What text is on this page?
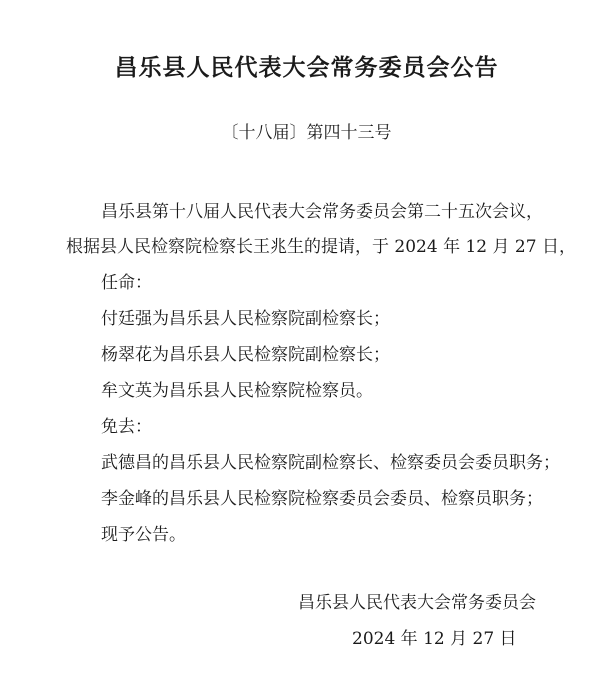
昌乐县人民代表大会常务委员会公告
〔十八届〕第四十三号
昌乐县第十八届人民代表大会常务委员会第二十五次会议，
根据县人民检察院检察长王兆生的提请，于 2024 年 12 月 27 日，
任命：
付廷强为昌乐县人民检察院副检察长；
杨翠花为昌乐县人民检察院副检察长；
牟文英为昌乐县人民检察院检察员。
免去：
武德昌的昌乐县人民检察院副检察长、检察委员会委员职务；
李金峰的昌乐县人民检察院检察委员会委员、检察员职务；
现予公告。
昌乐县人民代表大会常务委员会
2024 年 12 月 27 日
